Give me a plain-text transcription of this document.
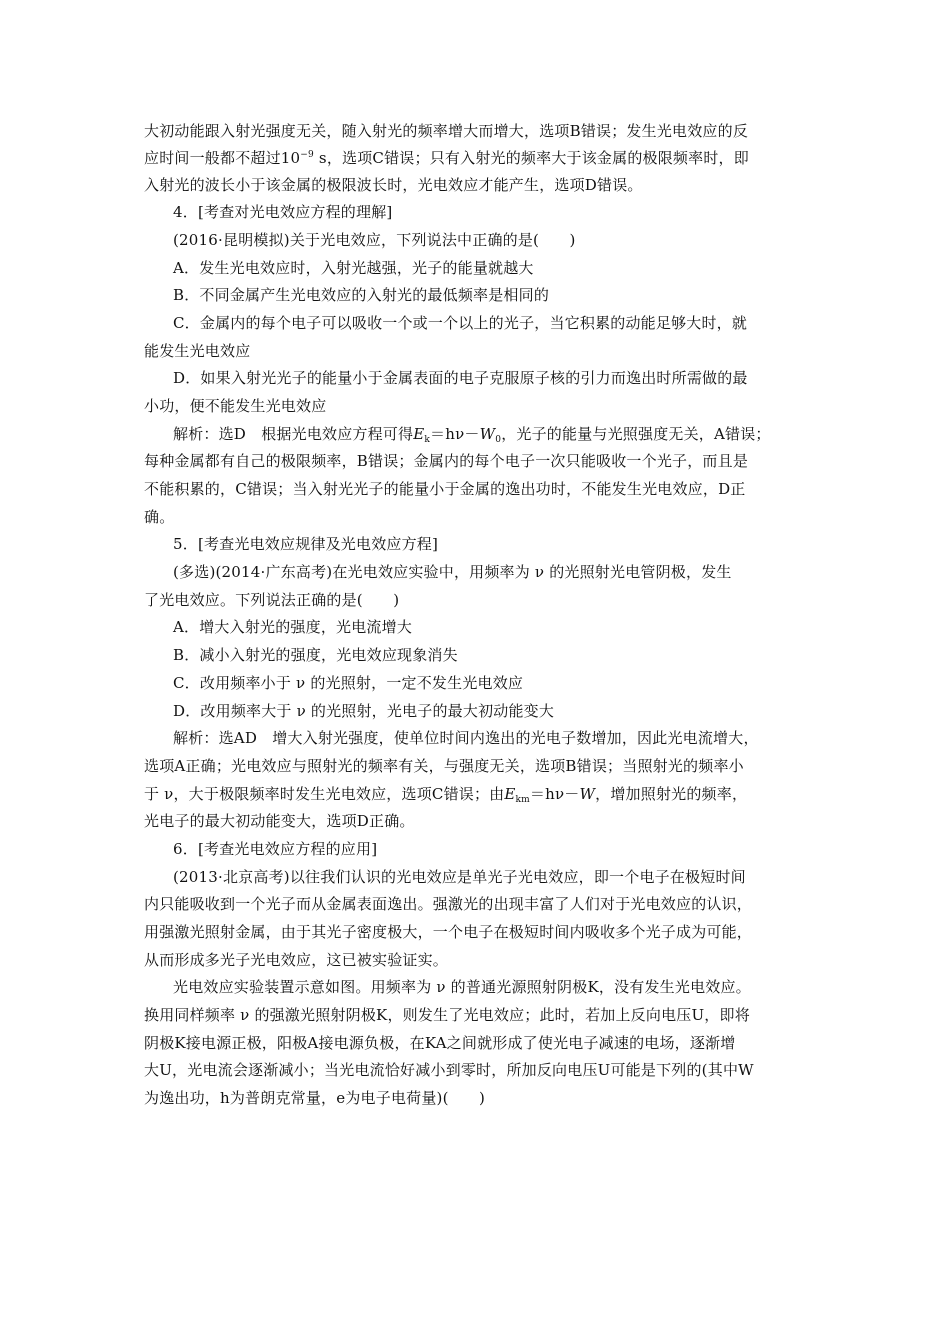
大初动能跟入射光强度无关，随入射光的频率增大而增大，选项B错误；发生光电效应的反
应时间一般都不超过$10^{-9}$ s，选项C错误；只有入射光的频率大于该金属的极限频率时，即
入射光的波长小于该金属的极限波长时，光电效应才能产生，选项D错误。
4．[考查对光电效应方程的理解]
(2016·昆明模拟)关于光电效应，下列说法中正确的是(　　)
A．发生光电效应时，入射光越强，光子的能量就越大
B．不同金属产生光电效应的入射光的最低频率是相同的
C．金属内的每个电子可以吸收一个或一个以上的光子，当它积累的动能足够大时，就
能发生光电效应
D．如果入射光光子的能量小于金属表面的电子克服原子核的引力而逸出时所需做的最
小功，便不能发生光电效应
解析：选D　根据光电效应方程可得$E_k=h\nu-W_0$，光子的能量与光照强度无关，A错误；
每种金属都有自己的极限频率，B错误；金属内的每个电子一次只能吸收一个光子，而且是
不能积累的，C错误；当入射光光子的能量小于金属的逸出功时，不能发生光电效应，D正
确。
5．[考查光电效应规律及光电效应方程]
(多选)(2014·广东高考)在光电效应实验中，用频率为 ν 的光照射光电管阴极，发生
了光电效应。下列说法正确的是(　　)
A．增大入射光的强度，光电流增大
B．减小入射光的强度，光电效应现象消失
C．改用频率小于 ν 的光照射，一定不发生光电效应
D．改用频率大于 ν 的光照射，光电子的最大初动能变大
解析：选AD　增大入射光强度，使单位时间内逸出的光电子数增加，因此光电流增大，
选项A正确；光电效应与照射光的频率有关，与强度无关，选项B错误；当照射光的频率小
于 ν，大于极限频率时发生光电效应，选项C错误；由$E_{km}=h\nu-W$，增加照射光的频率，
光电子的最大初动能变大，选项D正确。
6．[考查光电效应方程的应用]
(2013·北京高考)以往我们认识的光电效应是单光子光电效应，即一个电子在极短时间
内只能吸收到一个光子而从金属表面逸出。强激光的出现丰富了人们对于光电效应的认识，
用强激光照射金属，由于其光子密度极大，一个电子在极短时间内吸收多个光子成为可能，
从而形成多光子光电效应，这已被实验证实。
光电效应实验装置示意如图。用频率为 ν 的普通光源照射阴极K，没有发生光电效应。
换用同样频率 ν 的强激光照射阴极K，则发生了光电效应；此时，若加上反向电压U，即将
阴极K接电源正极，阳极A接电源负极，在KA之间就形成了使光电子减速的电场，逐渐增
大U，光电流会逐渐减小；当光电流恰好减小到零时，所加反向电压U可能是下列的(其中W
为逸出功，h为普朗克常量，e为电子电荷量)(　　)
